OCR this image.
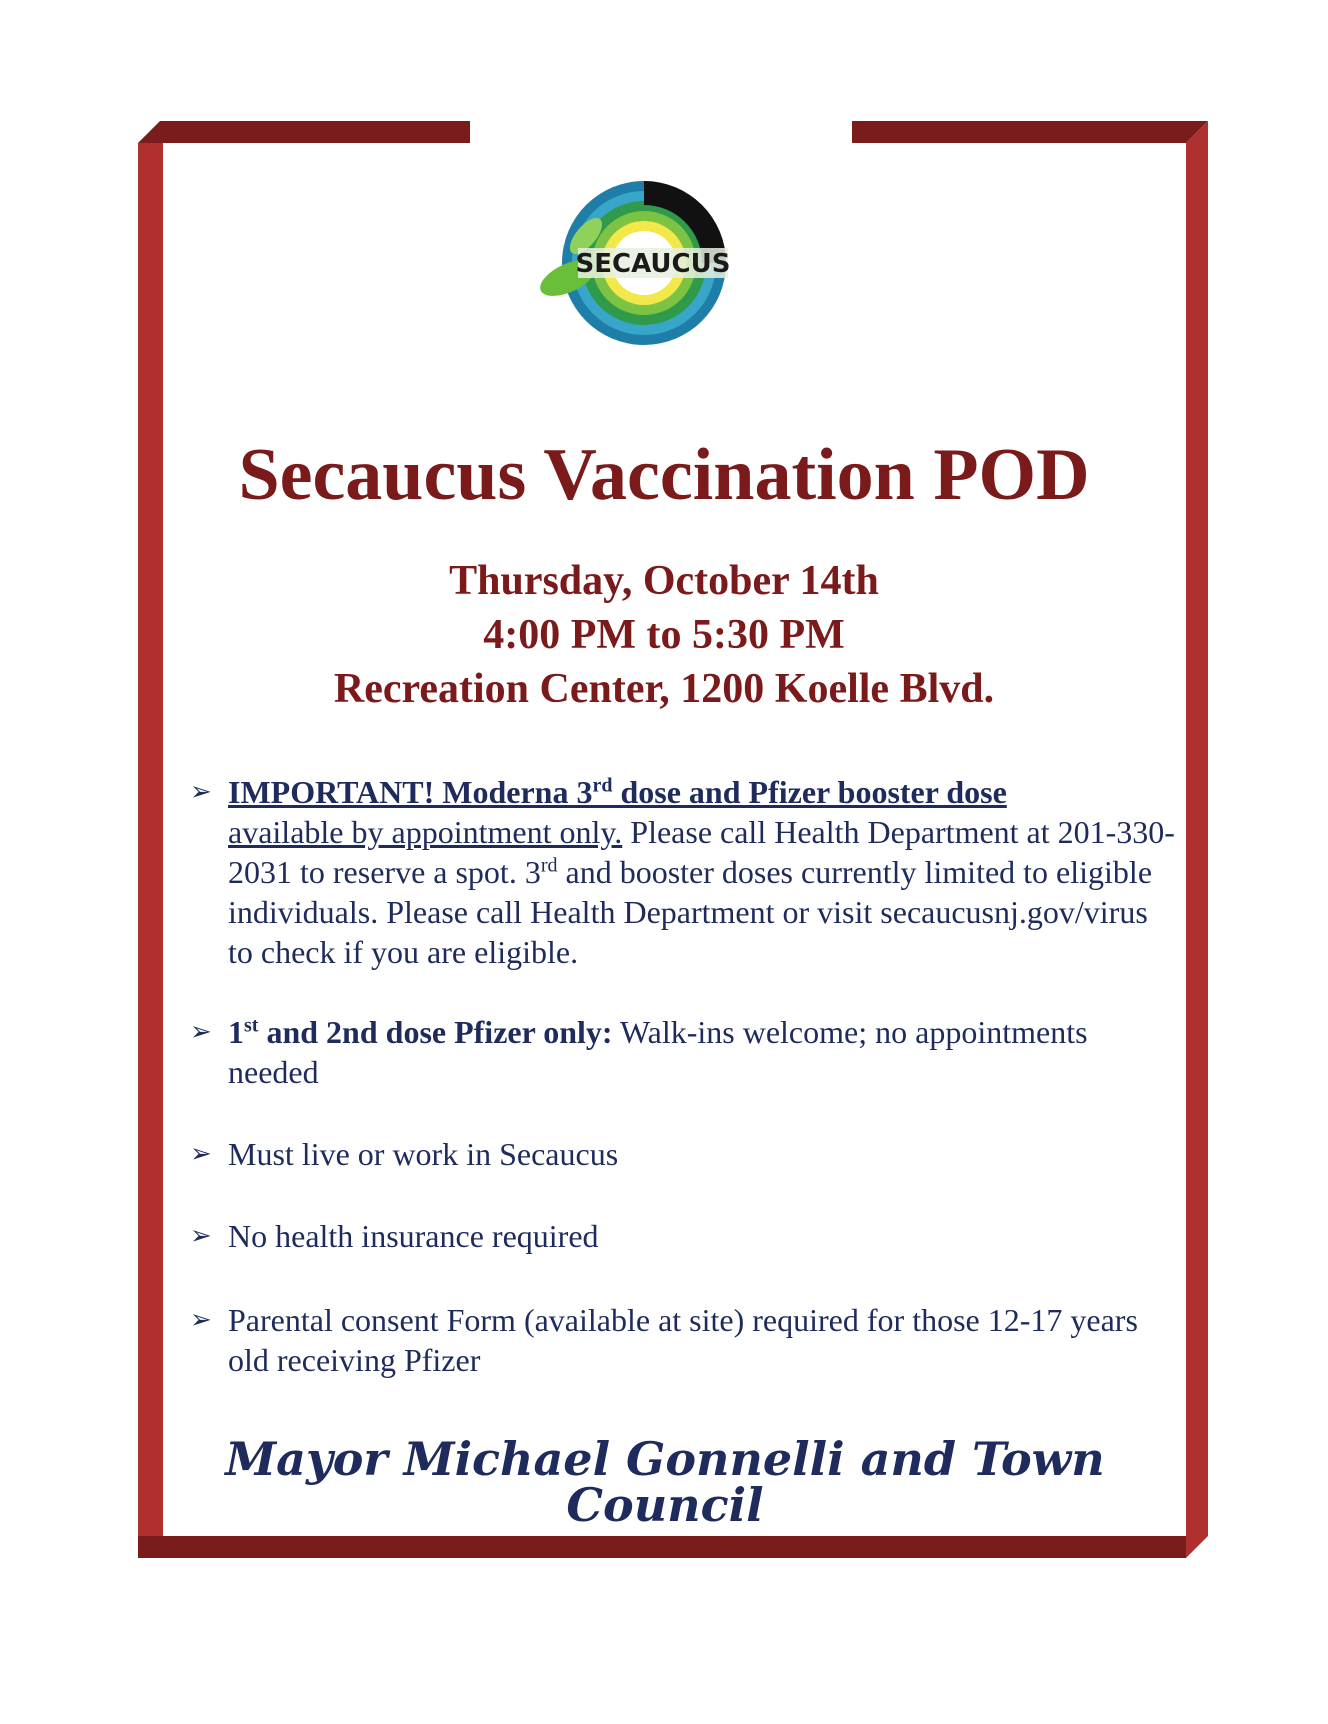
SECAUCUS
Secaucus Vaccination POD
Thursday, October 14th
4:00 PM to 5:30 PM
Recreation Center, 1200 Koelle Blvd.
➢ IMPORTANT! Moderna 3rd dose and Pfizer booster dose
available by appointment only. Please call Health Department at 201-330-2031 to reserve a spot. 3rd and booster doses currently limited to eligible individuals. Please call Health Department or visit secaucusnj.gov/virus to check if you are eligible.
➢ 1st and 2nd dose Pfizer only: Walk-ins welcome; no appointments needed
➢ Must live or work in Secaucus
➢ No health insurance required
➢ Parental consent Form (available at site) required for those 12-17 years old receiving Pfizer
Mayor Michael Gonnelli and Town Council
